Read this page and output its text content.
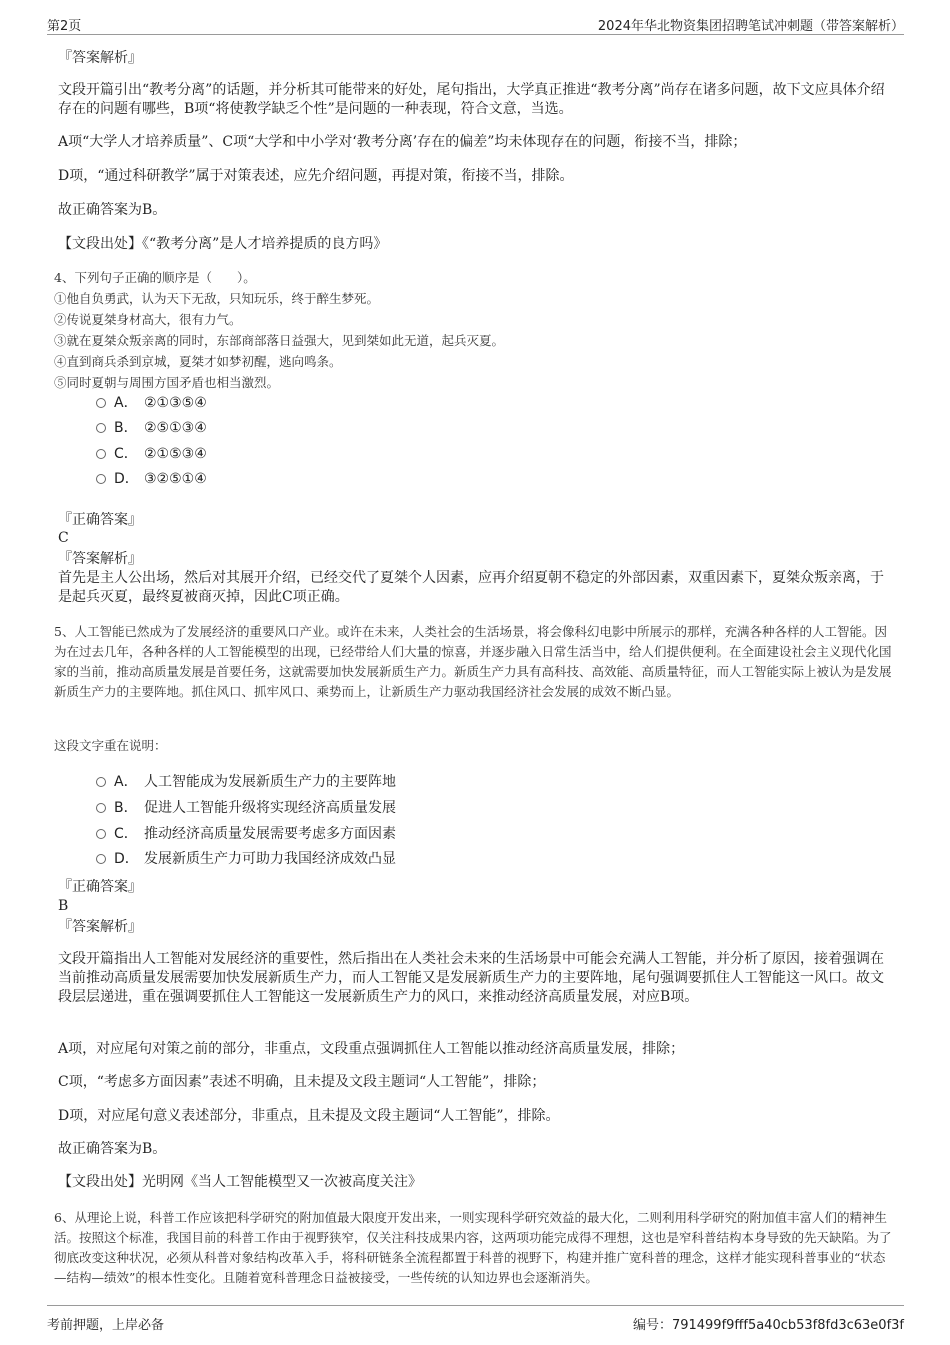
第2页	2024年华北物资集团招聘笔试冲刺题（带答案解析）
『答案解析』
文段开篇引出“教考分离”的话题，并分析其可能带来的好处，尾句指出，大学真正推进“教考分离”尚存在诸多问题，故下文应具体介绍存在的问题有哪些，B项“将使教学缺乏个性”是问题的一种表现，符合文意，当选。
A项“大学人才培养质量”、C项“大学和中小学对‘教考分离’存在的偏差”均未体现存在的问题，衔接不当，排除；
D项，“通过科研教学”属于对策表述，应先介绍问题，再提对策，衔接不当，排除。
故正确答案为B。
【文段出处】《“教考分离”是人才培养提质的良方吗》
4、下列句子正确的顺序是（　　）。
①他自负勇武，认为天下无敌，只知玩乐，终于醉生梦死。
②传说夏桀身材高大，很有力气。
③就在夏桀众叛亲离的同时，东部商部落日益强大，见到桀如此无道，起兵灭夏。
④直到商兵杀到京城，夏桀才如梦初醒，逃向鸣条。
⑤同时夏朝与周围方国矛盾也相当激烈。
A． ②①③⑤④
B． ②⑤①③④
C． ②①⑤③④
D． ③②⑤①④
『正确答案』
C
『答案解析』
首先是主人公出场，然后对其展开介绍，已经交代了夏桀个人因素，应再介绍夏朝不稳定的外部因素，双重因素下，夏桀众叛亲离，于是起兵灭夏，最终夏被商灭掉，因此C项正确。
5、人工智能已然成为了发展经济的重要风口产业。或许在未来，人类社会的生活场景，将会像科幻电影中所展示的那样，充满各种各样的人工智能。因为在过去几年，各种各样的人工智能模型的出现，已经带给人们大量的惊喜，并逐步融入日常生活当中，给人们提供便利。在全面建设社会主义现代化国家的当前，推动高质量发展是首要任务，这就需要加快发展新质生产力。新质生产力具有高科技、高效能、高质量特征，而人工智能实际上被认为是发展新质生产力的主要阵地。抓住风口、抓牢风口、乘势而上，让新质生产力驱动我国经济社会发展的成效不断凸显。
这段文字重在说明：
A． 人工智能成为发展新质生产力的主要阵地
B． 促进人工智能升级将实现经济高质量发展
C． 推动经济高质量发展需要考虑多方面因素
D． 发展新质生产力可助力我国经济成效凸显
『正确答案』
B
『答案解析』
文段开篇指出人工智能对发展经济的重要性，然后指出在人类社会未来的生活场景中可能会充满人工智能，并分析了原因，接着强调在当前推动高质量发展需要加快发展新质生产力，而人工智能又是发展新质生产力的主要阵地，尾句强调要抓住人工智能这一风口。故文段层层递进，重在强调要抓住人工智能这一发展新质生产力的风口，来推动经济高质量发展，对应B项。
A项，对应尾句对策之前的部分，非重点，文段重点强调抓住人工智能以推动经济高质量发展，排除；
C项，“考虑多方面因素”表述不明确，且未提及文段主题词“人工智能”，排除；
D项，对应尾句意义表述部分，非重点，且未提及文段主题词“人工智能”，排除。
故正确答案为B。
【文段出处】光明网《当人工智能模型又一次被高度关注》
6、从理论上说，科普工作应该把科学研究的附加值最大限度开发出来，一则实现科学研究效益的最大化，二则利用科学研究的附加值丰富人们的精神生活。按照这个标准，我国目前的科普工作由于视野狭窄，仅关注科技成果内容，这两项功能完成得不理想，这也是窄科普结构本身导致的先天缺陷。为了彻底改变这种状况，必须从科普对象结构改革入手，将科研链条全流程都置于科普的视野下，构建并推广宽科普的理念，这样才能实现科普事业的“状态—结构—绩效”的根本性变化。且随着宽科普理念日益被接受，一些传统的认知边界也会逐渐消失。
考前押题，上岸必备	编号：791499f9fff5a40cb53f8fd3c63e0f3f
